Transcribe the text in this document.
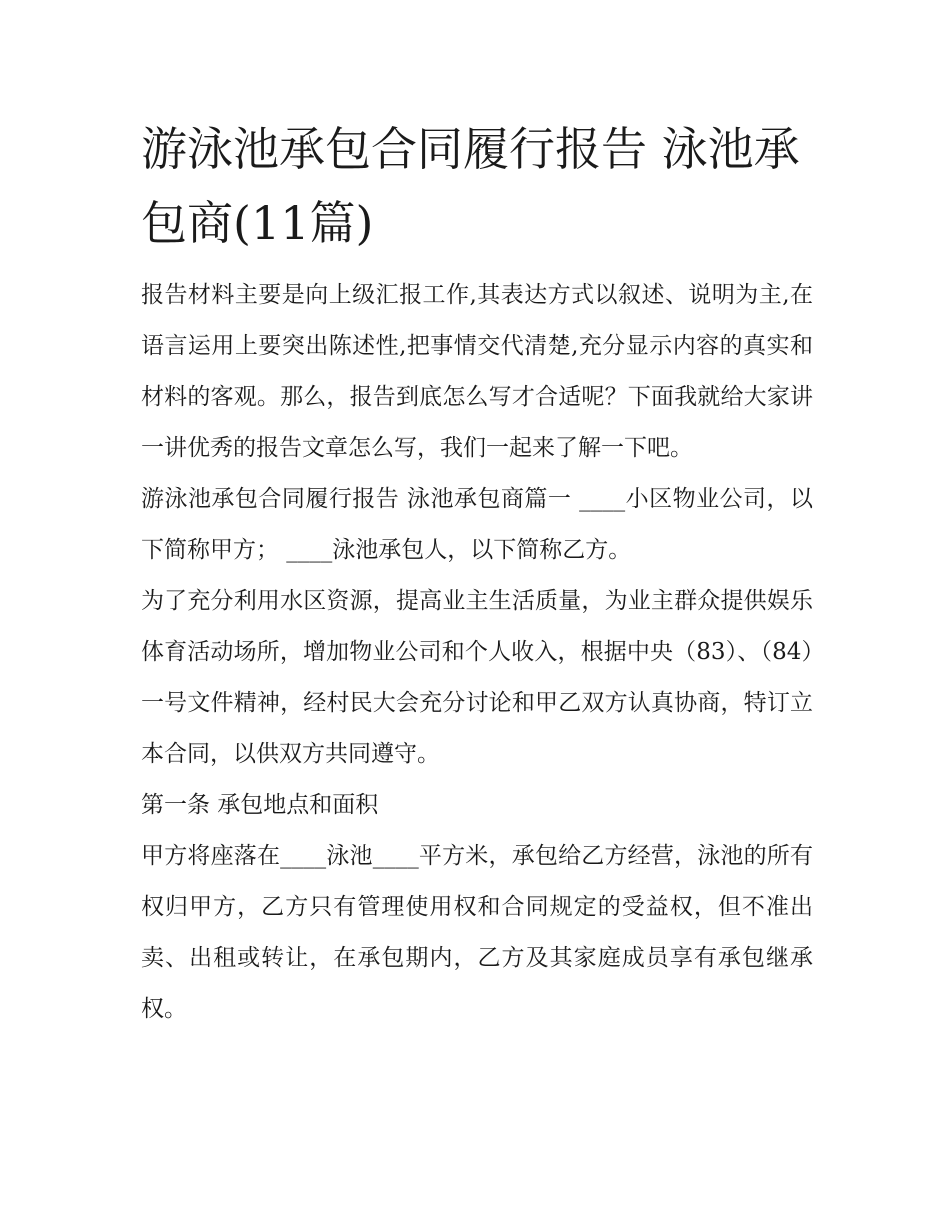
游泳池承包合同履行报告 泳池承包商(11篇)

报告材料主要是向上级汇报工作,其表达方式以叙述、说明为主,在语言运用上要突出陈述性,把事情交代清楚,充分显示内容的真实和材料的客观。那么，报告到底怎么写才合适呢？下面我就给大家讲一讲优秀的报告文章怎么写，我们一起来了解一下吧。

游泳池承包合同履行报告 泳池承包商篇一 ____小区物业公司，以下简称甲方； ____泳池承包人，以下简称乙方。

为了充分利用水区资源，提高业主生活质量，为业主群众提供娱乐体育活动场所，增加物业公司和个人收入，根据中央（83）、（84）一号文件精神，经村民大会充分讨论和甲乙双方认真协商，特订立本合同，以供双方共同遵守。

第一条 承包地点和面积

甲方将座落在____泳池____平方米，承包给乙方经营，泳池的所有权归甲方，乙方只有管理使用权和合同规定的受益权，但不准出卖、出租或转让，在承包期内，乙方及其家庭成员享有承包继承权。
